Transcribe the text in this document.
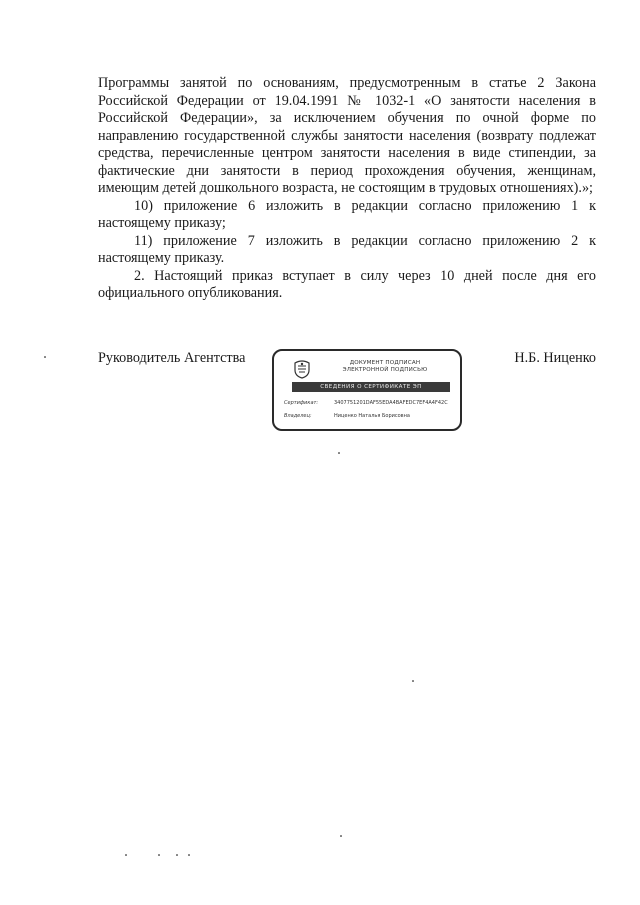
Программы занятой по основаниям, предусмотренным в статье 2 Закона Российской Федерации от 19.04.1991 № 1032-1 «О занятости населения в Российской Федерации», за исключением обучения по очной форме по направлению государственной службы занятости населения (возврату подлежат средства, перечисленные центром занятости населения в виде стипендии, за фактические дни занятости в период прохождения обучения, женщинам, имеющим детей дошкольного возраста, не состоящим в трудовых отношениях).»;

10) приложение 6 изложить в редакции согласно приложению 1 к настоящему приказу;

11) приложение 7 изложить в редакции согласно приложению 2 к настоящему приказу.

2. Настоящий приказ вступает в силу через 10 дней после дня его официального опубликования.

Руководитель Агентства	Н.Б. Ниценко
ДОКУМЕНТ ПОДПИСАН
ЭЛЕКТРОННОЙ ПОДПИСЬЮ
СВЕДЕНИЯ О СЕРТИФИКАТЕ ЭП
Сертификат:	3407751201DAF55EDA4BAFEDC7EF4A4F42C
Владелец:	Ниценко Наталья Борисовна
